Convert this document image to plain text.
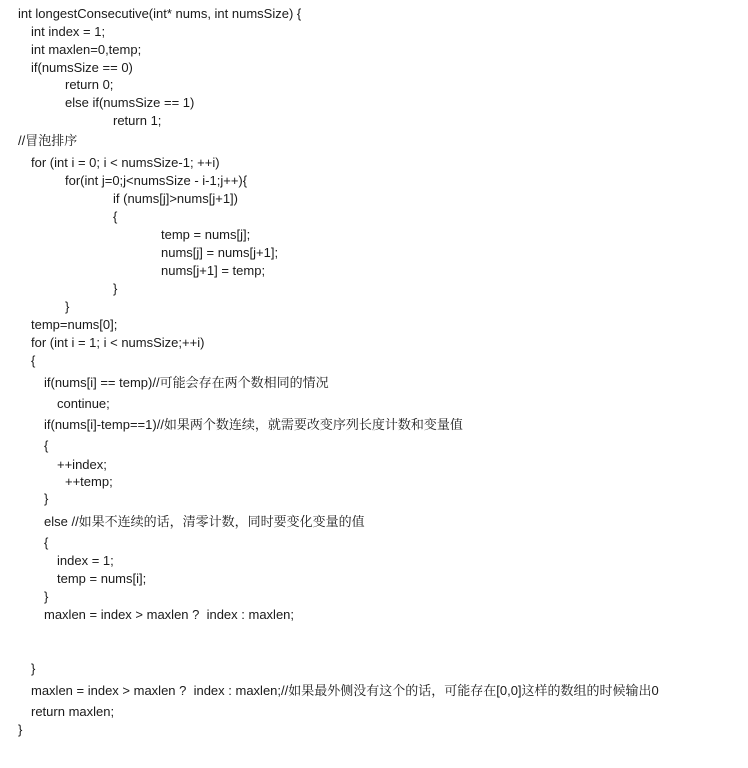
int longestConsecutive(int* nums, int numsSize) {
int index = 1;
int maxlen=0,temp;
if(numsSize == 0)
return 0;
else if(numsSize == 1)
return 1;
//冒泡排序
for (int i = 0; i < numsSize-1; ++i)
for(int j=0;j<numsSize - i-1;j++){
if (nums[j]>nums[j+1])
{
temp = nums[j];
nums[j] = nums[j+1];
nums[j+1] = temp;
}
}
temp=nums[0];
for (int i = 1; i < numsSize;++i)
{
if(nums[i] == temp)//可能会存在两个数相同的情况
continue;
if(nums[i]-temp==1)//如果两个数连续，就需要改变序列长度计数和变量值
{
++index;
++temp;
}
else //如果不连续的话，清零计数，同时要变化变量的值
{
index = 1;
temp = nums[i];
}
maxlen = index > maxlen ?  index : maxlen;
}
maxlen = index > maxlen ?  index : maxlen;//如果最外侧没有这个的话，可能存在[0,0]这样的数组的时候输出0
return maxlen;
}
